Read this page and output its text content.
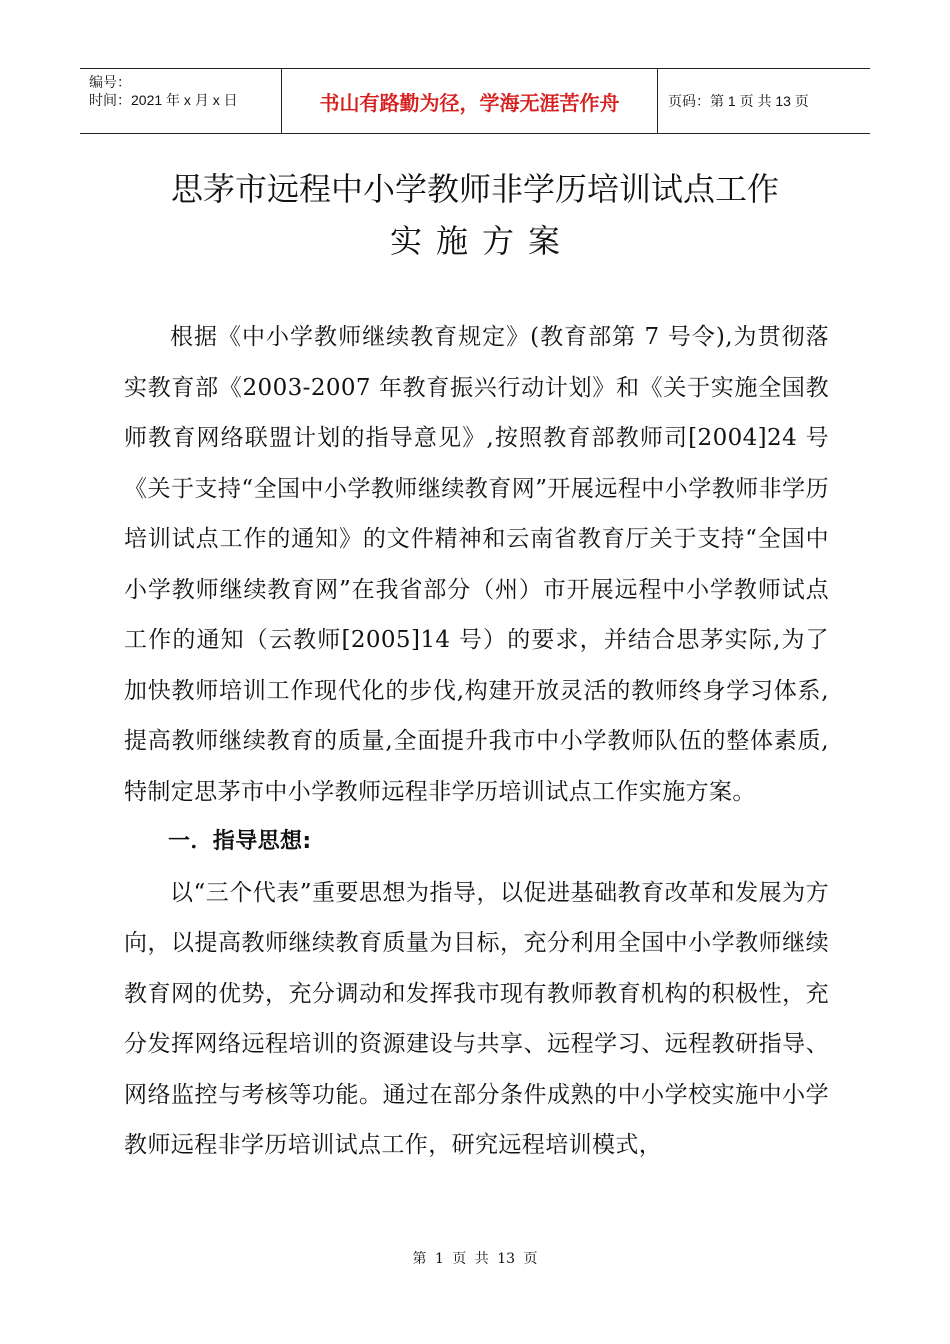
编号：
时间：2021 年 x 月 x 日	书山有路勤为径，学海无涯苦作舟	页码：第 1 页 共 13 页
思茅市远程中小学教师非学历培训试点工作
实施方案

根据《中小学教师继续教育规定》(教育部第 7 号令),为贯彻落实教育部《2003-2007 年教育振兴行动计划》和《关于实施全国教师教育网络联盟计划的指导意见》,按照教育部教师司[2004]24 号《关于支持“全国中小学教师继续教育网”开展远程中小学教师非学历培训试点工作的通知》的文件精神和云南省教育厅关于支持“全国中小学教师继续教育网”在我省部分（州）市开展远程中小学教师试点工作的通知（云教师[2005]14 号）的要求，并结合思茅实际,为了加快教师培训工作现代化的步伐,构建开放灵活的教师终身学习体系,提高教师继续教育的质量,全面提升我市中小学教师队伍的整体素质,特制定思茅市中小学教师远程非学历培训试点工作实施方案。

一．指导思想:

以“三个代表”重要思想为指导，以促进基础教育改革和发展为方向，以提高教师继续教育质量为目标，充分利用全国中小学教师继续教育网的优势，充分调动和发挥我市现有教师教育机构的积极性，充分发挥网络远程培训的资源建设与共享、远程学习、远程教研指导、网络监控与考核等功能。通过在部分条件成熟的中小学校实施中小学教师远程非学历培训试点工作，研究远程培训模式，

第 1 页 共 13 页
